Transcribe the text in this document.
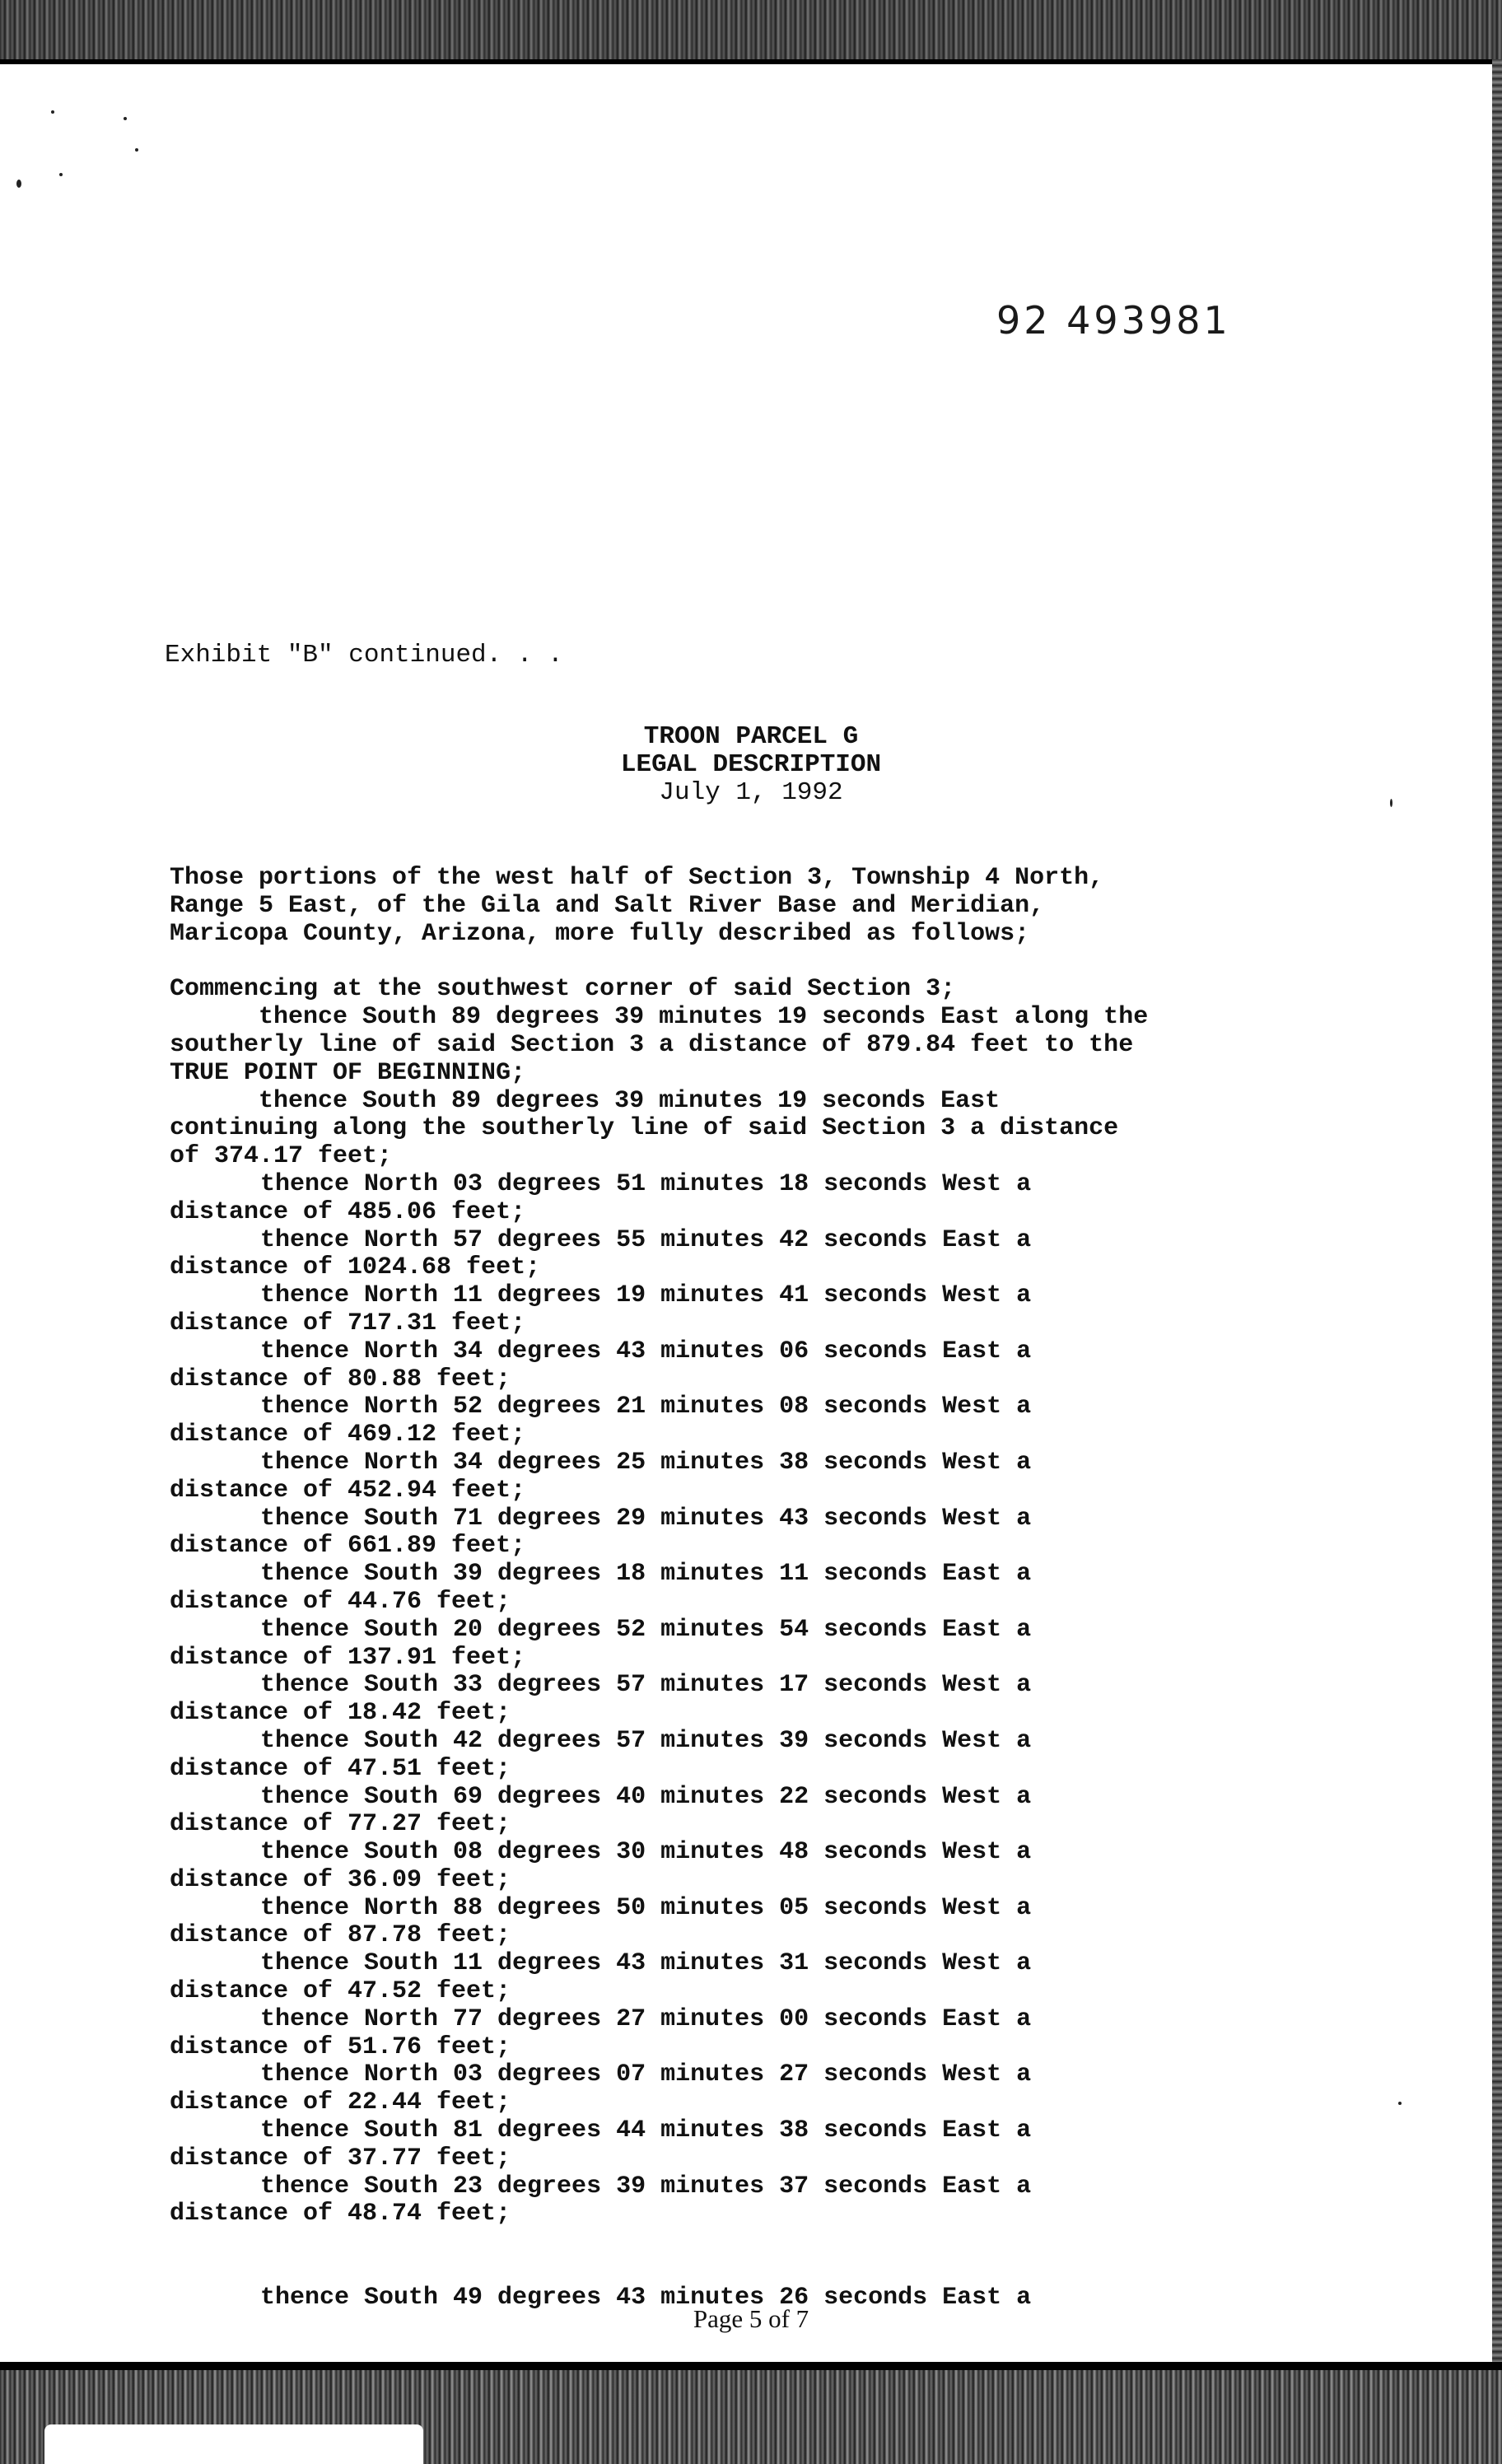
92 493981
Exhibit "B" continued. . .
TROON PARCEL G
LEGAL DESCRIPTION
July 1, 1992
Those portions of the west half of Section 3, Township 4 North,
Range 5 East, of the Gila and Salt River Base and Meridian,
Maricopa County, Arizona, more fully described as follows;
Commencing at the southwest corner of said Section 3;
thence South 89 degrees 39 minutes 19 seconds East along the
southerly line of said Section 3 a distance of 879.84 feet to the
TRUE POINT OF BEGINNING;
thence South 89 degrees 39 minutes 19 seconds East
continuing along the southerly line of said Section 3 a distance
of 374.17 feet;
thence North 03 degrees 51 minutes 18 seconds West a
distance of 485.06 feet;
thence North 57 degrees 55 minutes 42 seconds East a
distance of 1024.68 feet;
thence North 11 degrees 19 minutes 41 seconds West a
distance of 717.31 feet;
thence North 34 degrees 43 minutes 06 seconds East a
distance of 80.88 feet;
thence North 52 degrees 21 minutes 08 seconds West a
distance of 469.12 feet;
thence North 34 degrees 25 minutes 38 seconds West a
distance of 452.94 feet;
thence South 71 degrees 29 minutes 43 seconds West a
distance of 661.89 feet;
thence South 39 degrees 18 minutes 11 seconds East a
distance of 44.76 feet;
thence South 20 degrees 52 minutes 54 seconds East a
distance of 137.91 feet;
thence South 33 degrees 57 minutes 17 seconds West a
distance of 18.42 feet;
thence South 42 degrees 57 minutes 39 seconds West a
distance of 47.51 feet;
thence South 69 degrees 40 minutes 22 seconds West a
distance of 77.27 feet;
thence South 08 degrees 30 minutes 48 seconds West a
distance of 36.09 feet;
thence North 88 degrees 50 minutes 05 seconds West a
distance of 87.78 feet;
thence South 11 degrees 43 minutes 31 seconds West a
distance of 47.52 feet;
thence North 77 degrees 27 minutes 00 seconds East a
distance of 51.76 feet;
thence North 03 degrees 07 minutes 27 seconds West a
distance of 22.44 feet;
thence South 81 degrees 44 minutes 38 seconds East a
distance of 37.77 feet;
thence South 23 degrees 39 minutes 37 seconds East a
distance of 48.74 feet;

thence South 49 degrees 43 minutes 26 seconds East a

Page 5 of 7
